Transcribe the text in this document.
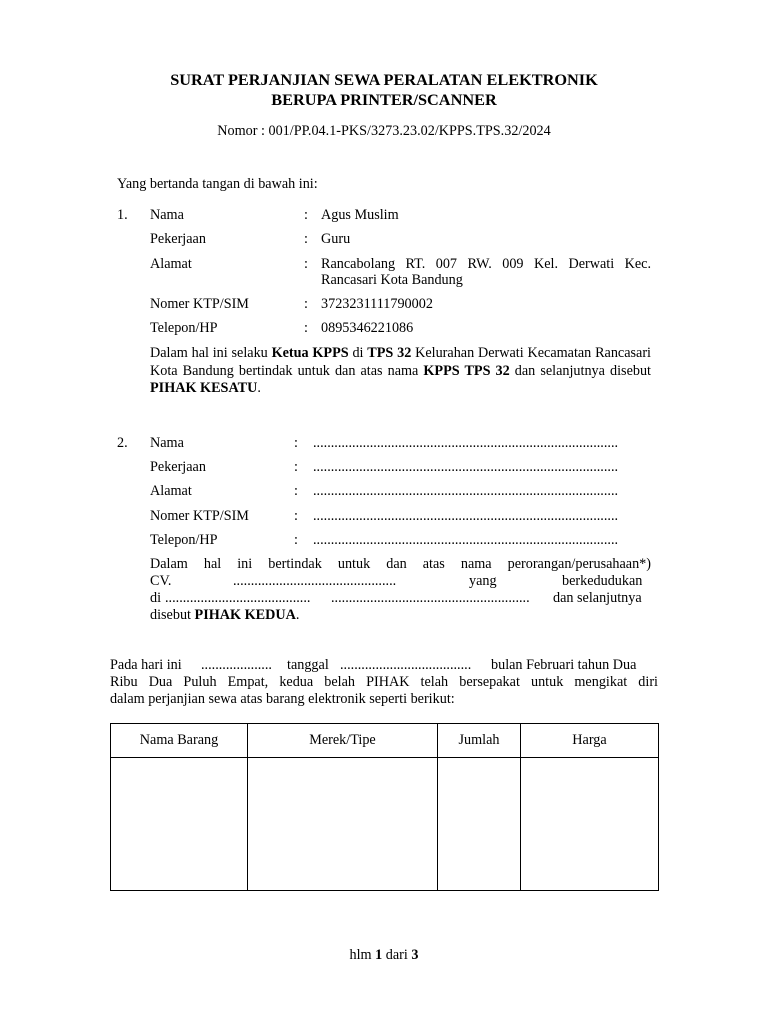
SURAT PERJANJIAN SEWA PERALATAN ELEKTRONIK
BERUPA PRINTER/SCANNER
Nomor : 001/PP.04.1-PKS/3273.23.02/KPPS.TPS.32/2024
Yang bertanda tangan di bawah ini:
1. Nama	: Agus Muslim
Pekerjaan	: Guru
Alamat	: Rancabolang RT. 007 RW. 009 Kel. Derwati Kec. Rancasari Kota Bandung
Nomer KTP/SIM	: 3723231111790002
Telepon/HP	: 0895346221086
Dalam hal ini selaku Ketua KPPS di TPS 32 Kelurahan Derwati Kecamatan Rancasari Kota Bandung bertindak untuk dan atas nama KPPS TPS 32 dan selanjutnya disebut PIHAK KESATU.
2. Nama	: ......................................................................................
Pekerjaan	: ......................................................................................
Alamat	: ......................................................................................
Nomer KTP/SIM	: ......................................................................................
Telepon/HP	: ......................................................................................
Dalam hal ini bertindak untuk dan atas nama perorangan/perusahaan*)
CV.	..............................................	yang	berkedudukan
di .........................................	........................................................	dan selanjutnya
disebut PIHAK KEDUA.
Pada hari ini ....................	tanggal .....................................	bulan Februari tahun Dua
Ribu Dua Puluh Empat, kedua belah PIHAK telah bersepakat untuk mengikat diri
dalam perjanjian sewa atas barang elektronik seperti berikut:
Nama Barang	Merek/Tipe	Jumlah	Harga

hlm 1 dari 3
